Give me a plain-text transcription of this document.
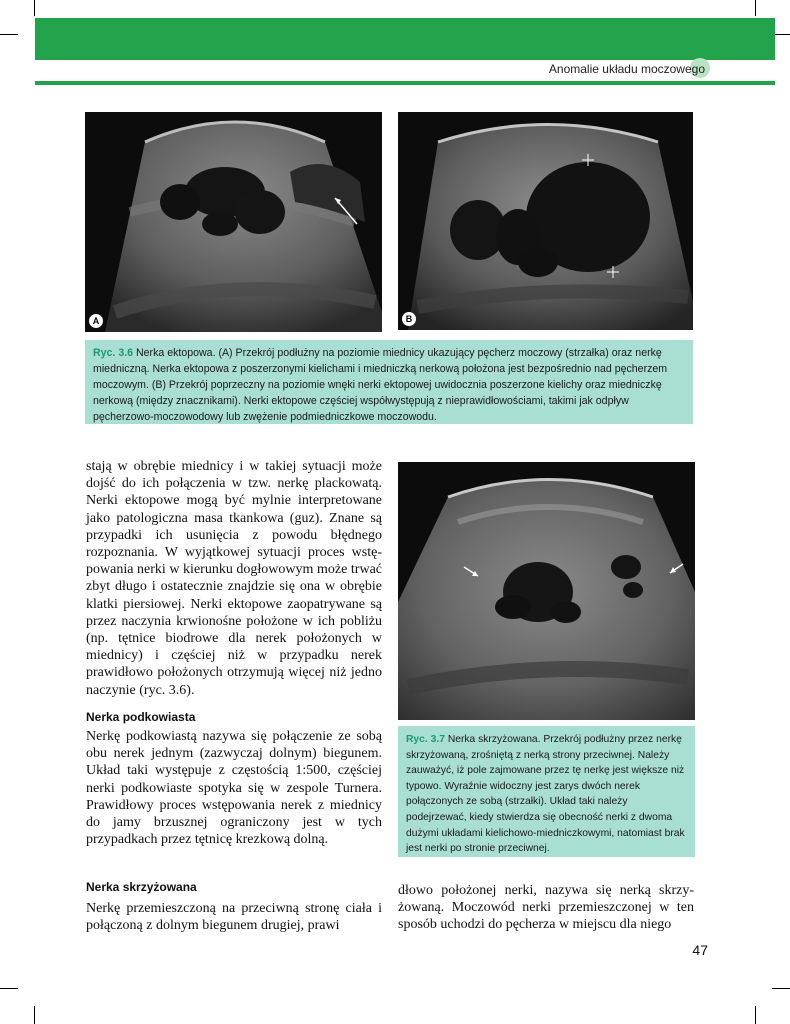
Anomalie układu moczowego
A	B
Ryc. 3.6 Nerka ektopowa. (A) Przekrój podłużny na poziomie miednicy ukazujący pęcherz moczowy (strzałka) oraz nerkę miedniczną. Nerka ektopowa z poszerzonymi kielichami i miedniczką nerkową położona jest bezpośrednio nad pęcherzem moczowym. (B) Przekrój poprzeczny na poziomie wnęki nerki ektopowej uwidocznia poszerzone kielichy oraz miedniczkę nerkową (między znacznikami). Nerki ektopowe częściej współwystępują z nieprawidłowościami, takimi jak odpływ pęcherzowo-moczowodowy lub zwężenie podmiedniczkowe moczowodu.
stają w obrębie miednicy i w takiej sytuacji może dojść do ich połączenia w tzw. nerkę plackowatą. Nerki ektopowe mogą być mylnie interpretowane jako patologiczna masa tkankowa (guz). Znane są przypadki ich usunięcia z powodu błędnego rozpoznania. W wyjątkowej sytuacji proces wstępowania nerki w kierunku dogłowowym może trwać zbyt długo i ostatecznie znajdzie się ona w obrębie klatki piersiowej. Nerki ektopowe zaopatrywane są przez naczynia krwionośne położone w ich pobliżu (np. tętnice biodrowe dla nerek położonych w miednicy) i częściej niż w przypadku nerek prawidłowo położonych otrzymują więcej niż jedno naczynie (ryc. 3.6).
Nerka podkowiasta
Nerkę podkowiastą nazywa się połączenie ze sobą obu nerek jednym (zazwyczaj dolnym) biegunem. Układ taki występuje z częstością 1:500, częściej nerki podkowiaste spotyka się w zespole Turnera. Prawidłowy proces wstępowania nerek z miednicy do jamy brzusznej ograniczony jest w tych przypadkach przez tętnicę krezkową dolną.
Nerka skrzyżowana
Nerkę przemieszczoną na przeciwną stronę ciała i połączoną z dolnym biegunem drugiej, prawi
Ryc. 3.7 Nerka skrzyżowana. Przekrój podłużny przez nerkę skrzyżowaną, zrośniętą z nerką strony przeciwnej. Należy zauważyć, iż pole zajmowane przez tę nerkę jest większe niż typowo. Wyraźnie widoczny jest zarys dwóch nerek połączonych ze sobą (strzałki). Układ taki należy podejrzewać, kiedy stwierdza się obecność nerki z dwoma dużymi układami kielichowo-miedniczkowymi, natomiast brak jest nerki po stronie przeciwnej.
dłowo położonej nerki, nazywa się nerką skrzyżowaną. Moczowód nerki przemieszczonej w ten sposób uchodzi do pęcherza w miejscu dla niego
47
